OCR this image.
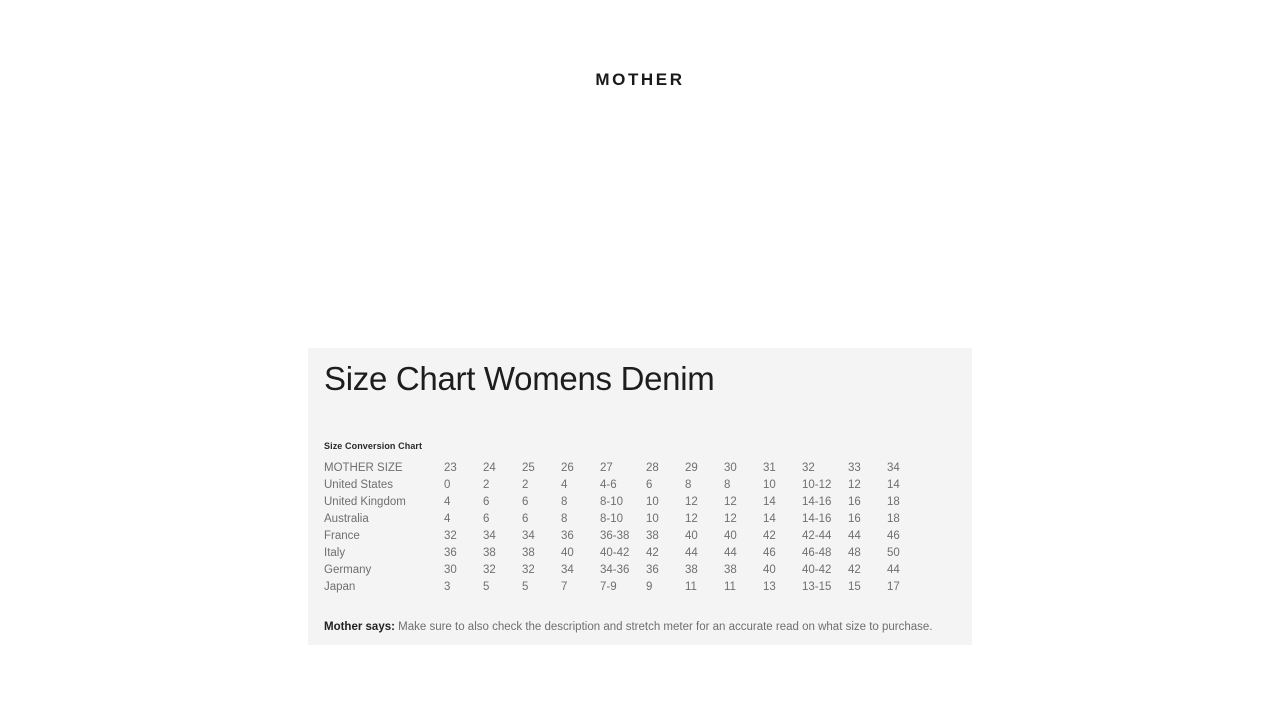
MOTHER
Size Chart Womens Denim
Size Conversion Chart
MOTHER SIZE	23	24	25	26	27	28	29	30	31	32	33	34
United States	0	2	2	4	4-6	6	8	8	10	10-12	12	14
United Kingdom	4	6	6	8	8-10	10	12	12	14	14-16	16	18
Australia	4	6	6	8	8-10	10	12	12	14	14-16	16	18
France	32	34	34	36	36-38	38	40	40	42	42-44	44	46
Italy	36	38	38	40	40-42	42	44	44	46	46-48	48	50
Germany	30	32	32	34	34-36	36	38	38	40	40-42	42	44
Japan	3	5	5	7	7-9	9	11	11	13	13-15	15	17
Mother says: Make sure to also check the description and stretch meter for an accurate read on what size to purchase.
